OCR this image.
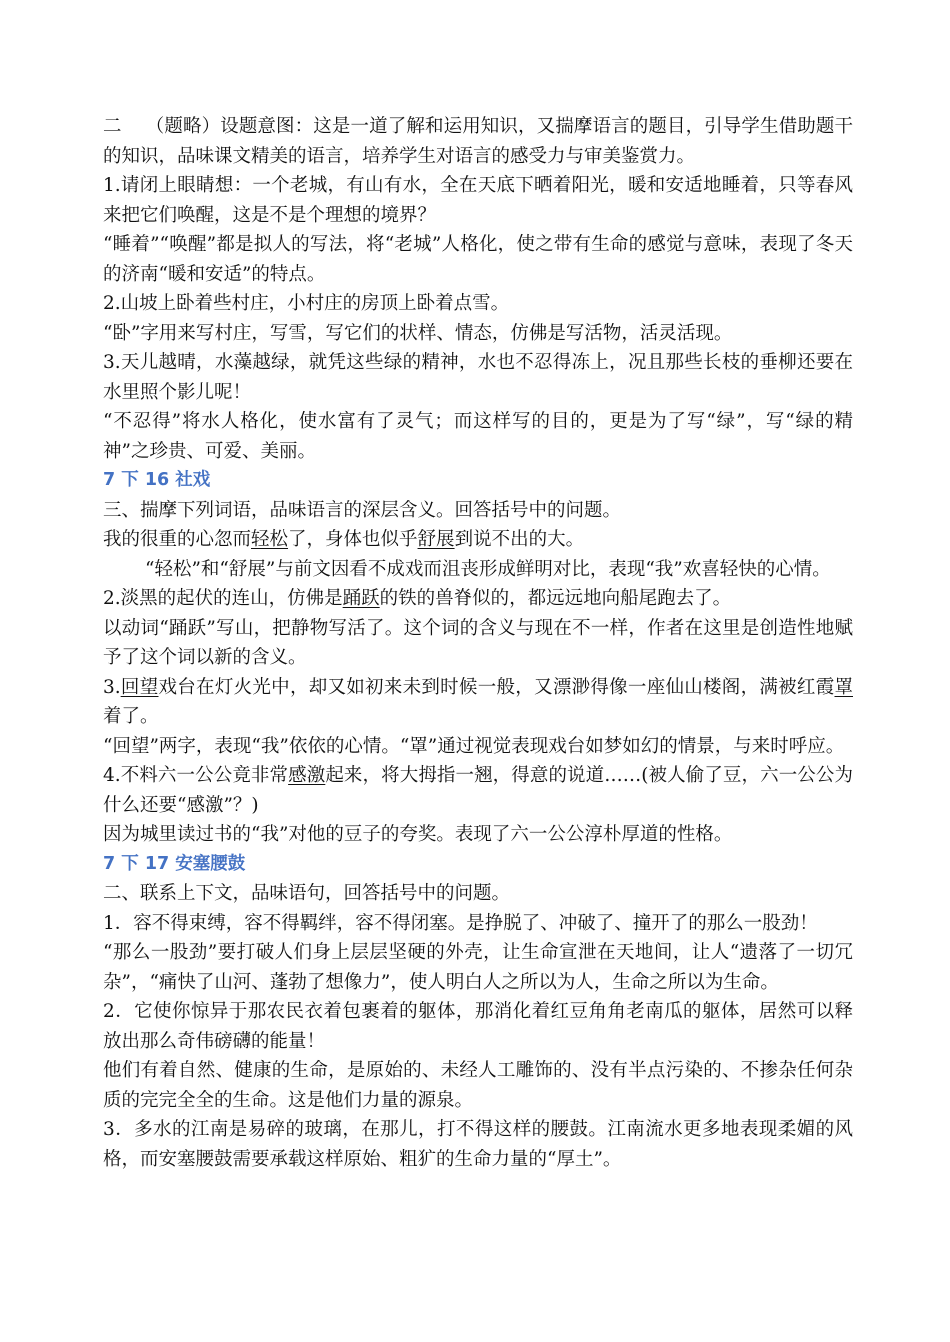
二 （题略）设题意图：这是一道了解和运用知识，又揣摩语言的题目，引导学生借助题干的知识，品味课文精美的语言，培养学生对语言的感受力与审美鉴赏力。

1.请闭上眼睛想：一个老城，有山有水，全在天底下晒着阳光，暖和安适地睡着，只等春风来把它们唤醒，这是不是个理想的境界？

“睡着”“唤醒”都是拟人的写法，将“老城”人格化，使之带有生命的感觉与意味，表现了冬天的济南“暖和安适”的特点。

2.山坡上卧着些村庄，小村庄的房顶上卧着点雪。

“卧”字用来写村庄，写雪，写它们的状样、情态，仿佛是写活物，活灵活现。

3.天儿越晴，水藻越绿，就凭这些绿的精神，水也不忍得冻上，况且那些长枝的垂柳还要在水里照个影儿呢！

“不忍得”将水人格化，使水富有了灵气；而这样写的目的，更是为了写“绿”，写“绿的精神”之珍贵、可爱、美丽。

7 下 16 社戏

三、揣摩下列词语，品味语言的深层含义。回答括号中的问题。

我的很重的心忽而轻松了，身体也似乎舒展到说不出的大。

“轻松”和“舒展”与前文因看不成戏而沮丧形成鲜明对比，表现“我”欢喜轻快的心情。

2.淡黑的起伏的连山，仿佛是踊跃的铁的兽脊似的，都远远地向船尾跑去了。

以动词“踊跃”写山，把静物写活了。这个词的含义与现在不一样，作者在这里是创造性地赋予了这个词以新的含义。

3.回望戏台在灯火光中，却又如初来未到时候一般，又漂渺得像一座仙山楼阁，满被红霞罩着了。

“回望”两字，表现“我”依依的心情。“罩”通过视觉表现戏台如梦如幻的情景，与来时呼应。

4.不料六一公公竟非常感激起来，将大拇指一翘，得意的说道……(被人偷了豆，六一公公为什么还要“感激”？)

因为城里读过书的“我”对他的豆子的夸奖。表现了六一公公淳朴厚道的性格。

7 下 17 安塞腰鼓

二、联系上下文，品味语句，回答括号中的问题。

1．容不得束缚，容不得羁绊，容不得闭塞。是挣脱了、冲破了、撞开了的那么一股劲！

“那么一股劲”要打破人们身上层层坚硬的外壳，让生命宣泄在天地间，让人“遗落了一切冗杂”，“痛快了山河、蓬勃了想像力”，使人明白人之所以为人，生命之所以为生命。

2．它使你惊异于那农民衣着包裹着的躯体，那消化着红豆角角老南瓜的躯体，居然可以释放出那么奇伟磅礴的能量！

他们有着自然、健康的生命，是原始的、未经人工雕饰的、没有半点污染的、不掺杂任何杂质的完完全全的生命。这是他们力量的源泉。

3．多水的江南是易碎的玻璃，在那儿，打不得这样的腰鼓。江南流水更多地表现柔媚的风格，而安塞腰鼓需要承载这样原始、粗犷的生命力量的“厚土”。
